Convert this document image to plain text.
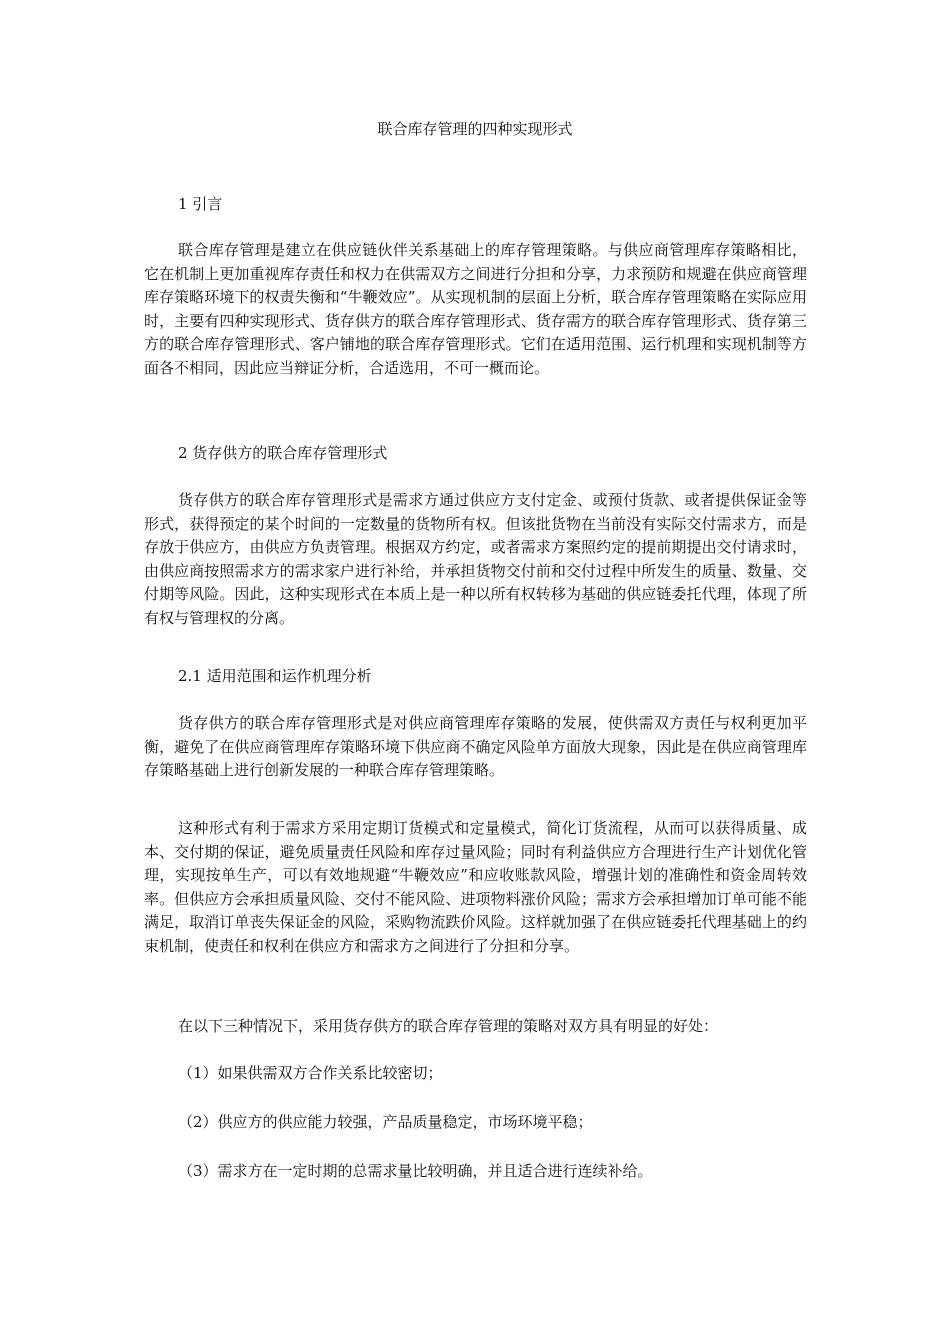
联合库存管理的四种实现形式
1 引言
联合库存管理是建立在供应链伙伴关系基础上的库存管理策略。与供应商管理库存策略相比，它在机制上更加重视库存责任和权力在供需双方之间进行分担和分享，力求预防和规避在供应商管理库存策略环境下的权责失衡和“牛鞭效应”。从实现机制的层面上分析，联合库存管理策略在实际应用时，主要有四种实现形式、货存供方的联合库存管理形式、货存需方的联合库存管理形式、货存第三方的联合库存管理形式、客户铺地的联合库存管理形式。它们在适用范围、运行机理和实现机制等方面各不相同，因此应当辩证分析，合适选用，不可一概而论。
2 货存供方的联合库存管理形式
货存供方的联合库存管理形式是需求方通过供应方支付定金、或预付货款、或者提供保证金等形式，获得预定的某个时间的一定数量的货物所有权。但该批货物在当前没有实际交付需求方，而是存放于供应方，由供应方负责管理。根据双方约定，或者需求方案照约定的提前期提出交付请求时，由供应商按照需求方的需求家户进行补给，并承担货物交付前和交付过程中所发生的质量、数量、交付期等风险。因此，这种实现形式在本质上是一种以所有权转移为基础的供应链委托代理，体现了所有权与管理权的分离。
2.1 适用范围和运作机理分析
货存供方的联合库存管理形式是对供应商管理库存策略的发展，使供需双方责任与权利更加平衡，避免了在供应商管理库存策略环境下供应商不确定风险单方面放大现象，因此是在供应商管理库存策略基础上进行创新发展的一种联合库存管理策略。
这种形式有利于需求方采用定期订货模式和定量模式，简化订货流程，从而可以获得质量、成本、交付期的保证，避免质量责任风险和库存过量风险；同时有利益供应方合理进行生产计划优化管理，实现按单生产，可以有效地规避“牛鞭效应”和应收账款风险，增强计划的准确性和资金周转效率。但供应方会承担质量风险、交付不能风险、进项物料涨价风险；需求方会承担增加订单可能不能满足，取消订单丧失保证金的风险，采购物流跌价风险。这样就加强了在供应链委托代理基础上的约束机制，使责任和权利在供应方和需求方之间进行了分担和分享。
在以下三种情况下，采用货存供方的联合库存管理的策略对双方具有明显的好处：
（1）如果供需双方合作关系比较密切；
（2）供应方的供应能力较强，产品质量稳定，市场环境平稳；
（3）需求方在一定时期的总需求量比较明确，并且适合进行连续补给。
